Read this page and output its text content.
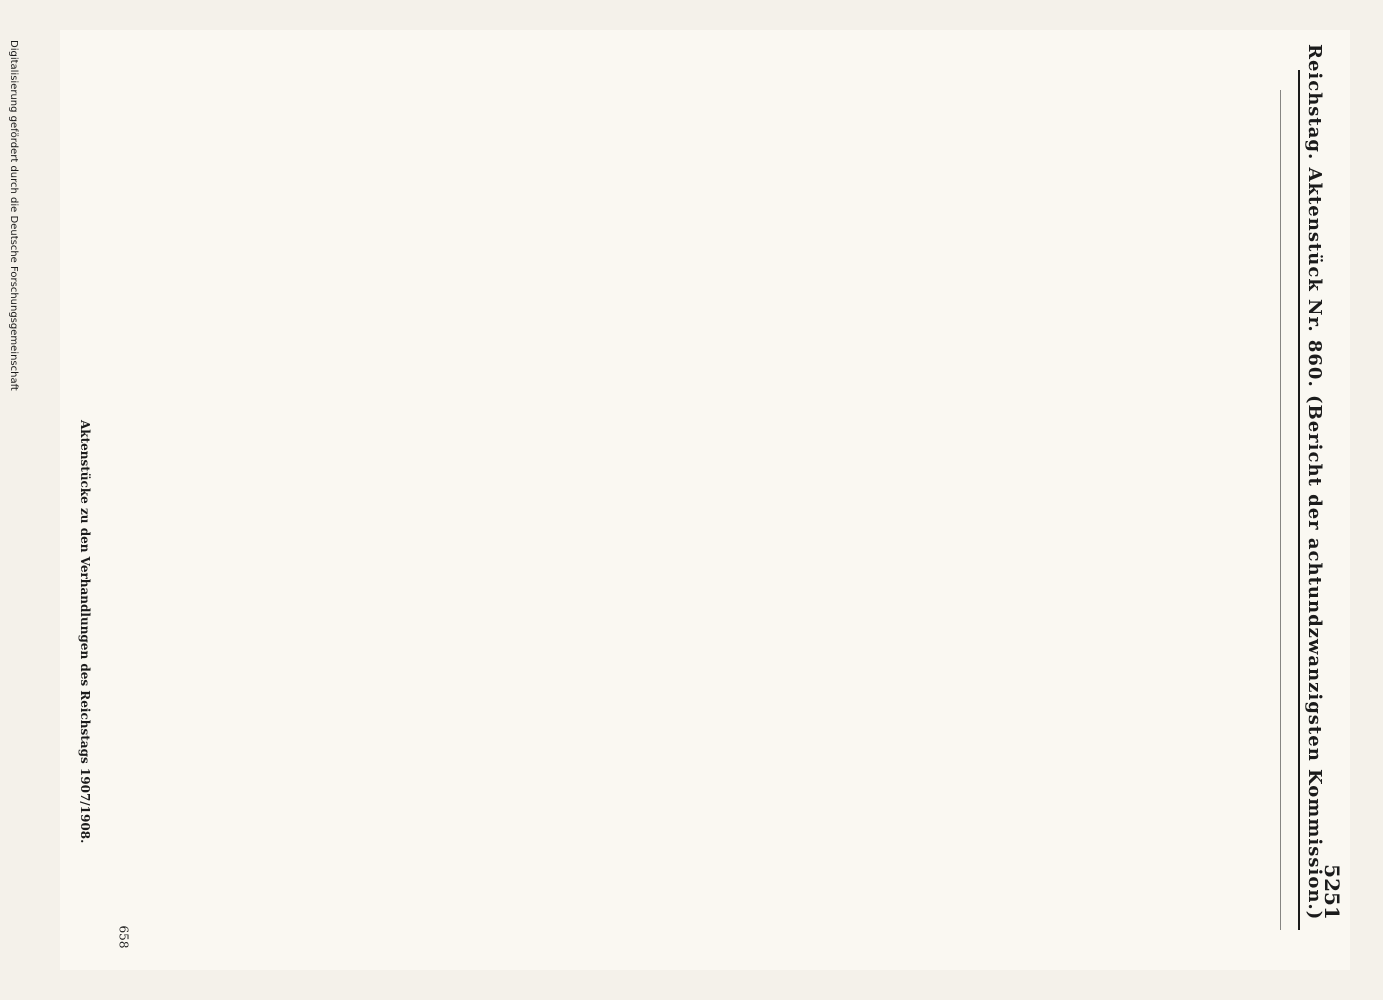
Reichstag. Aktenstück Nr. 860. (Bericht der achtundzwanzigsten Kommission.)
5251
Digitalisierung gefördert durch die Deutsche Forschungsgemeinschaft
Aktenstücke zu den Verhandlungen des Reichstags 1907/1908.
658
